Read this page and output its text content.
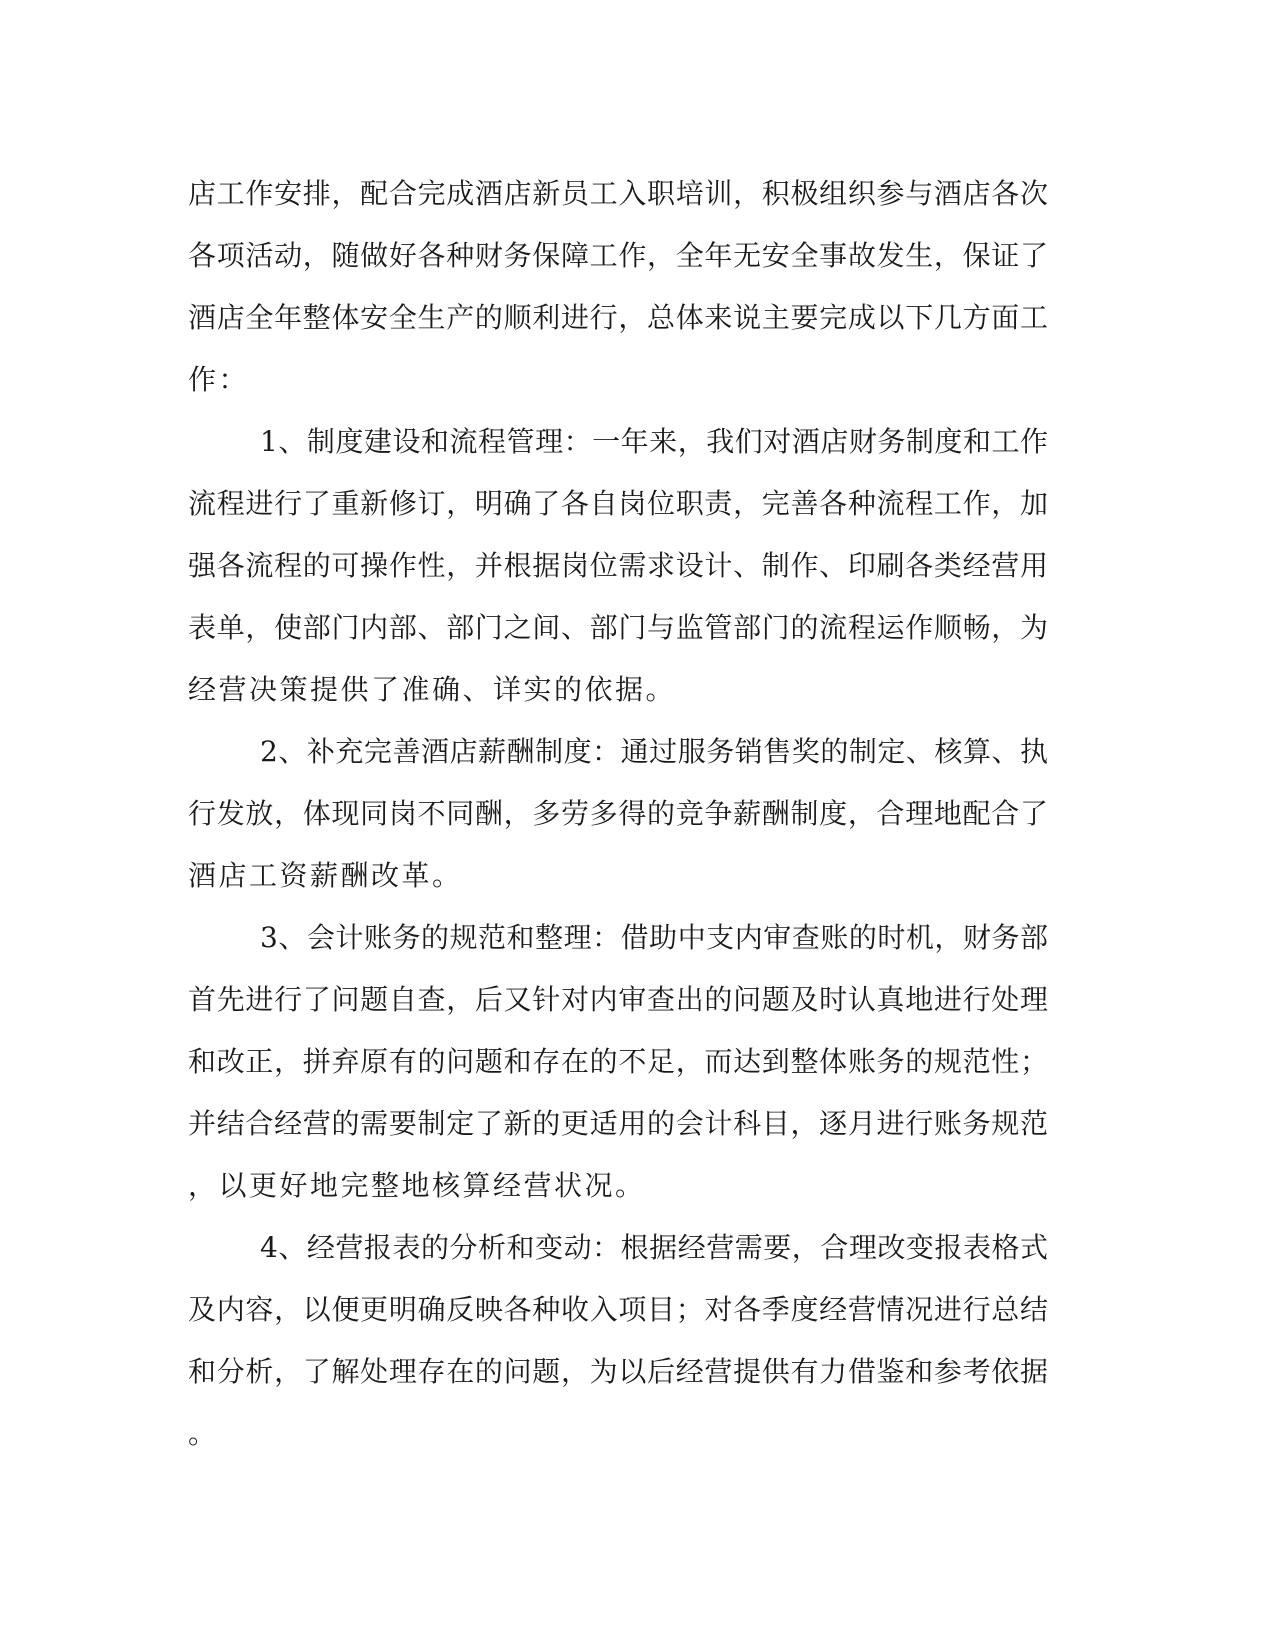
店工作安排，配合完成酒店新员工入职培训，积极组织参与酒店各次
各项活动，随做好各种财务保障工作，全年无安全事故发生，保证了
酒店全年整体安全生产的顺利进行，总体来说主要完成以下几方面工
作：
1、制度建设和流程管理：一年来，我们对酒店财务制度和工作
流程进行了重新修订，明确了各自岗位职责，完善各种流程工作，加
强各流程的可操作性，并根据岗位需求设计、制作、印刷各类经营用
表单，使部门内部、部门之间、部门与监管部门的流程运作顺畅，为
经营决策提供了准确、详实的依据。
2、补充完善酒店薪酬制度：通过服务销售奖的制定、核算、执
行发放，体现同岗不同酬，多劳多得的竞争薪酬制度，合理地配合了
酒店工资薪酬改革。
3、会计账务的规范和整理：借助中支内审查账的时机，财务部
首先进行了问题自查，后又针对内审查出的问题及时认真地进行处理
和改正，拼弃原有的问题和存在的不足，而达到整体账务的规范性；
并结合经营的需要制定了新的更适用的会计科目，逐月进行账务规范
，以更好地完整地核算经营状况。
4、经营报表的分析和变动：根据经营需要，合理改变报表格式
及内容，以便更明确反映各种收入项目；对各季度经营情况进行总结
和分析，了解处理存在的问题，为以后经营提供有力借鉴和参考依据
。
